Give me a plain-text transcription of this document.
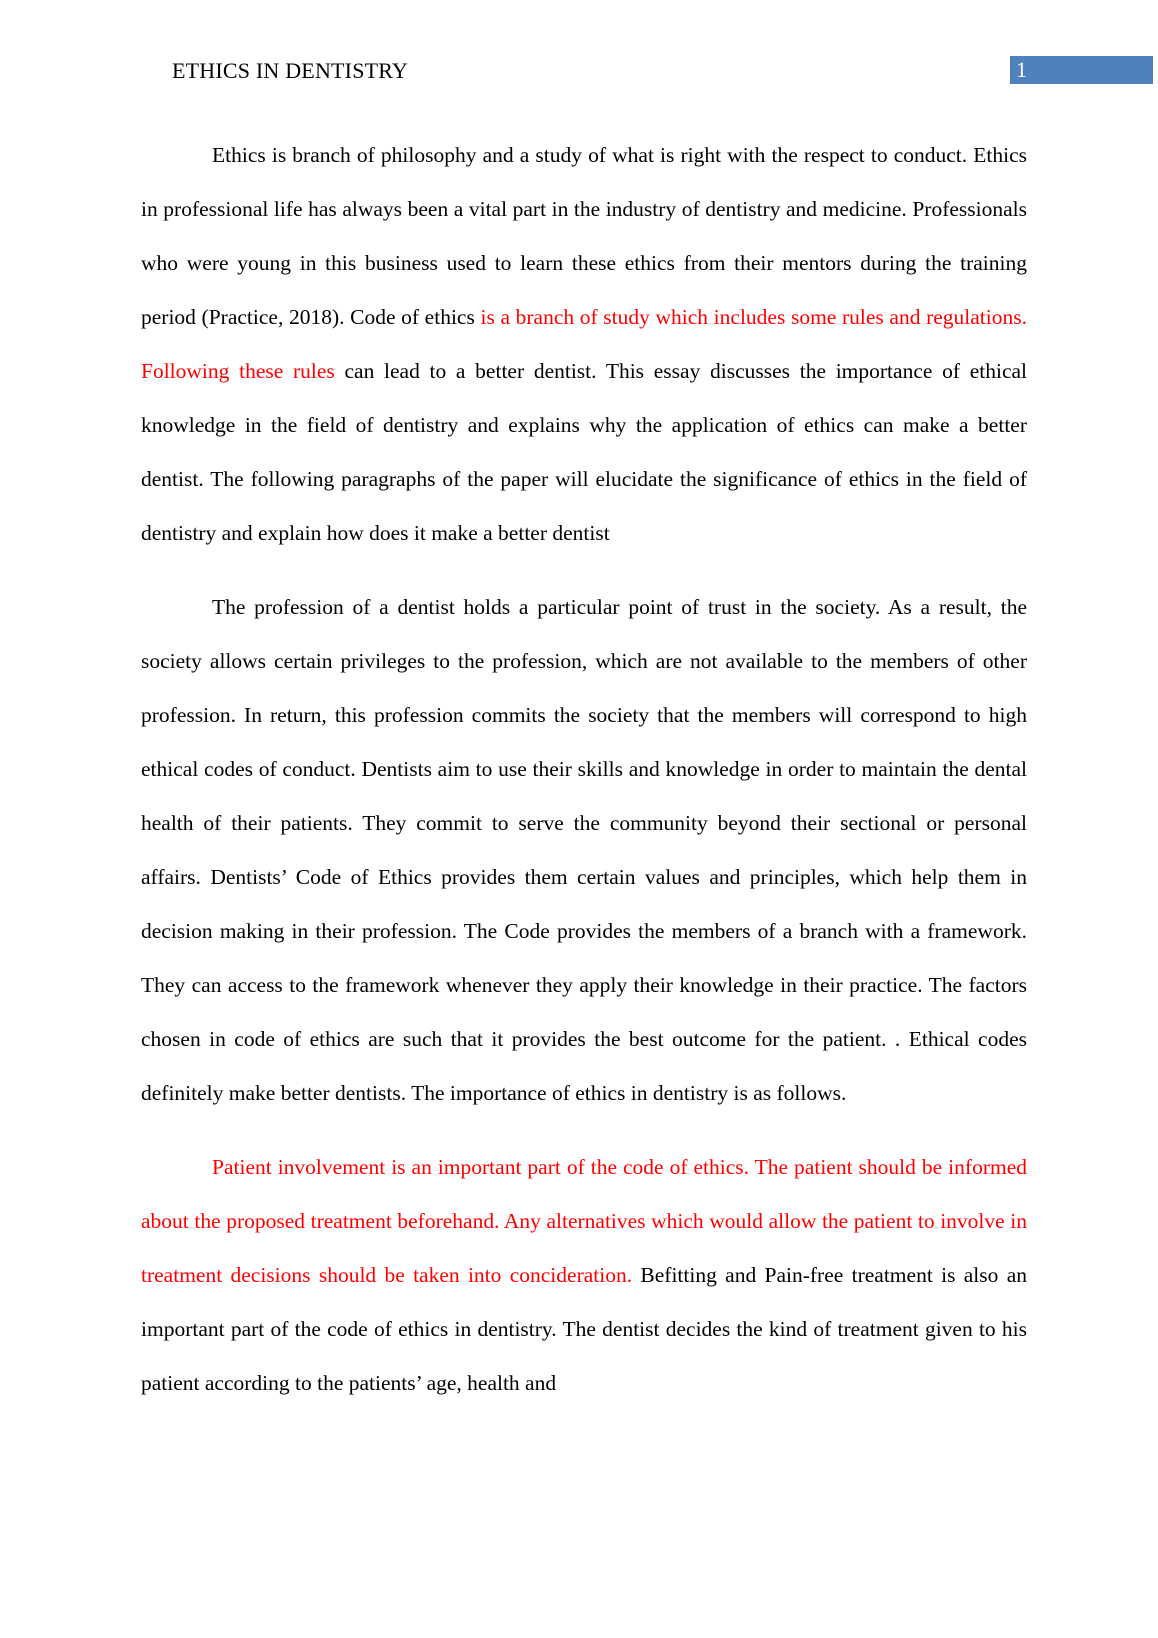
ETHICS IN DENTISTRY	1

Ethics is branch of philosophy and a study of what is right with the respect to conduct. Ethics in professional life has always been a vital part in the industry of dentistry and medicine. Professionals who were young in this business used to learn these ethics from their mentors during the training period (Practice, 2018). Code of ethics is a branch of study which includes some rules and regulations. Following these rules can lead to a better dentist. This essay discusses the importance of ethical knowledge in the field of dentistry and explains why the application of ethics can make a better dentist. The following paragraphs of the paper will elucidate the significance of ethics in the field of dentistry and explain how does it make a better dentist

The profession of a dentist holds a particular point of trust in the society. As a result, the society allows certain privileges to the profession, which are not available to the members of other profession. In return, this profession commits the society that the members will correspond to high ethical codes of conduct. Dentists aim to use their skills and knowledge in order to maintain the dental health of their patients. They commit to serve the community beyond their sectional or personal affairs. Dentists’ Code of Ethics provides them certain values and principles, which help them in decision making in their profession. The Code provides the members of a branch with a framework. They can access to the framework whenever they apply their knowledge in their practice. The factors chosen in code of ethics are such that it provides the best outcome for the patient. . Ethical codes definitely make better dentists. The importance of ethics in dentistry is as follows.

Patient involvement is an important part of the code of ethics. The patient should be informed about the proposed treatment beforehand. Any alternatives which would allow the patient to involve in treatment decisions should be taken into concideration. Befitting and Pain-free treatment is also an important part of the code of ethics in dentistry. The dentist decides the kind of treatment given to his patient according to the patients’ age, health and
